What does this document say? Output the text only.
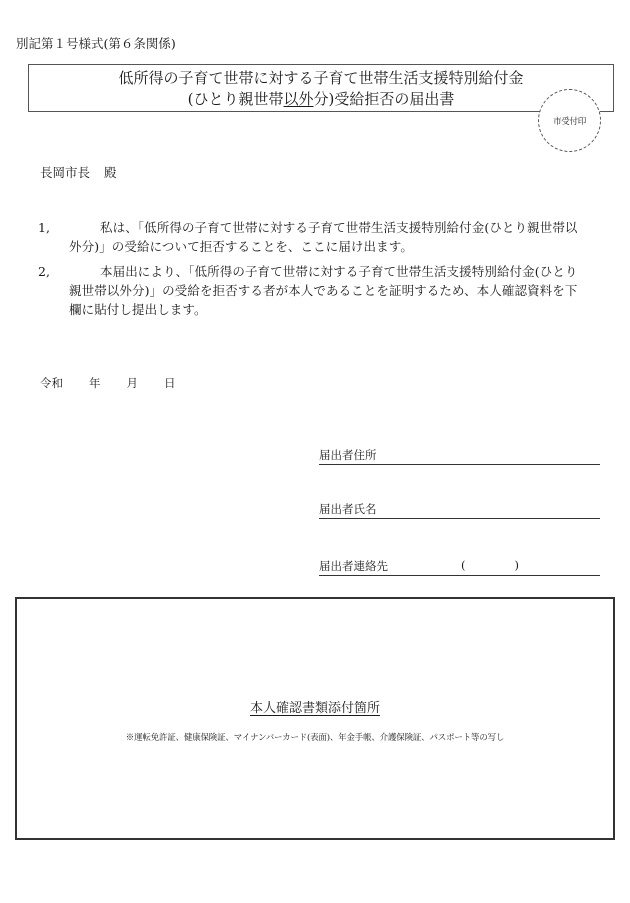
別記第１号様式(第６条関係)
低所得の子育て世帯に対する子育て世帯生活支援特別給付金
(ひとり親世帯以外分)受給拒否の届出書
市受付印
長岡市長 殿
1,	私は、「低所得の子育て世帯に対する子育て世帯生活支援特別給付金(ひとり親世帯以外分)」の受給について拒否することを、ここに届け出ます。
2,	本届出により、「低所得の子育て世帯に対する子育て世帯生活支援特別給付金(ひとり親世帯以外分)」の受給を拒否する者が本人であることを証明するため、本人確認資料を下欄に貼付し提出します。
令和 年 月 日
届出者住所
届出者氏名
届出者連絡先	(	)
本人確認書類添付箇所
※運転免許証、健康保険証、マイナンバーカード(表面)、年金手帳、介護保険証、パスポート等の写し
